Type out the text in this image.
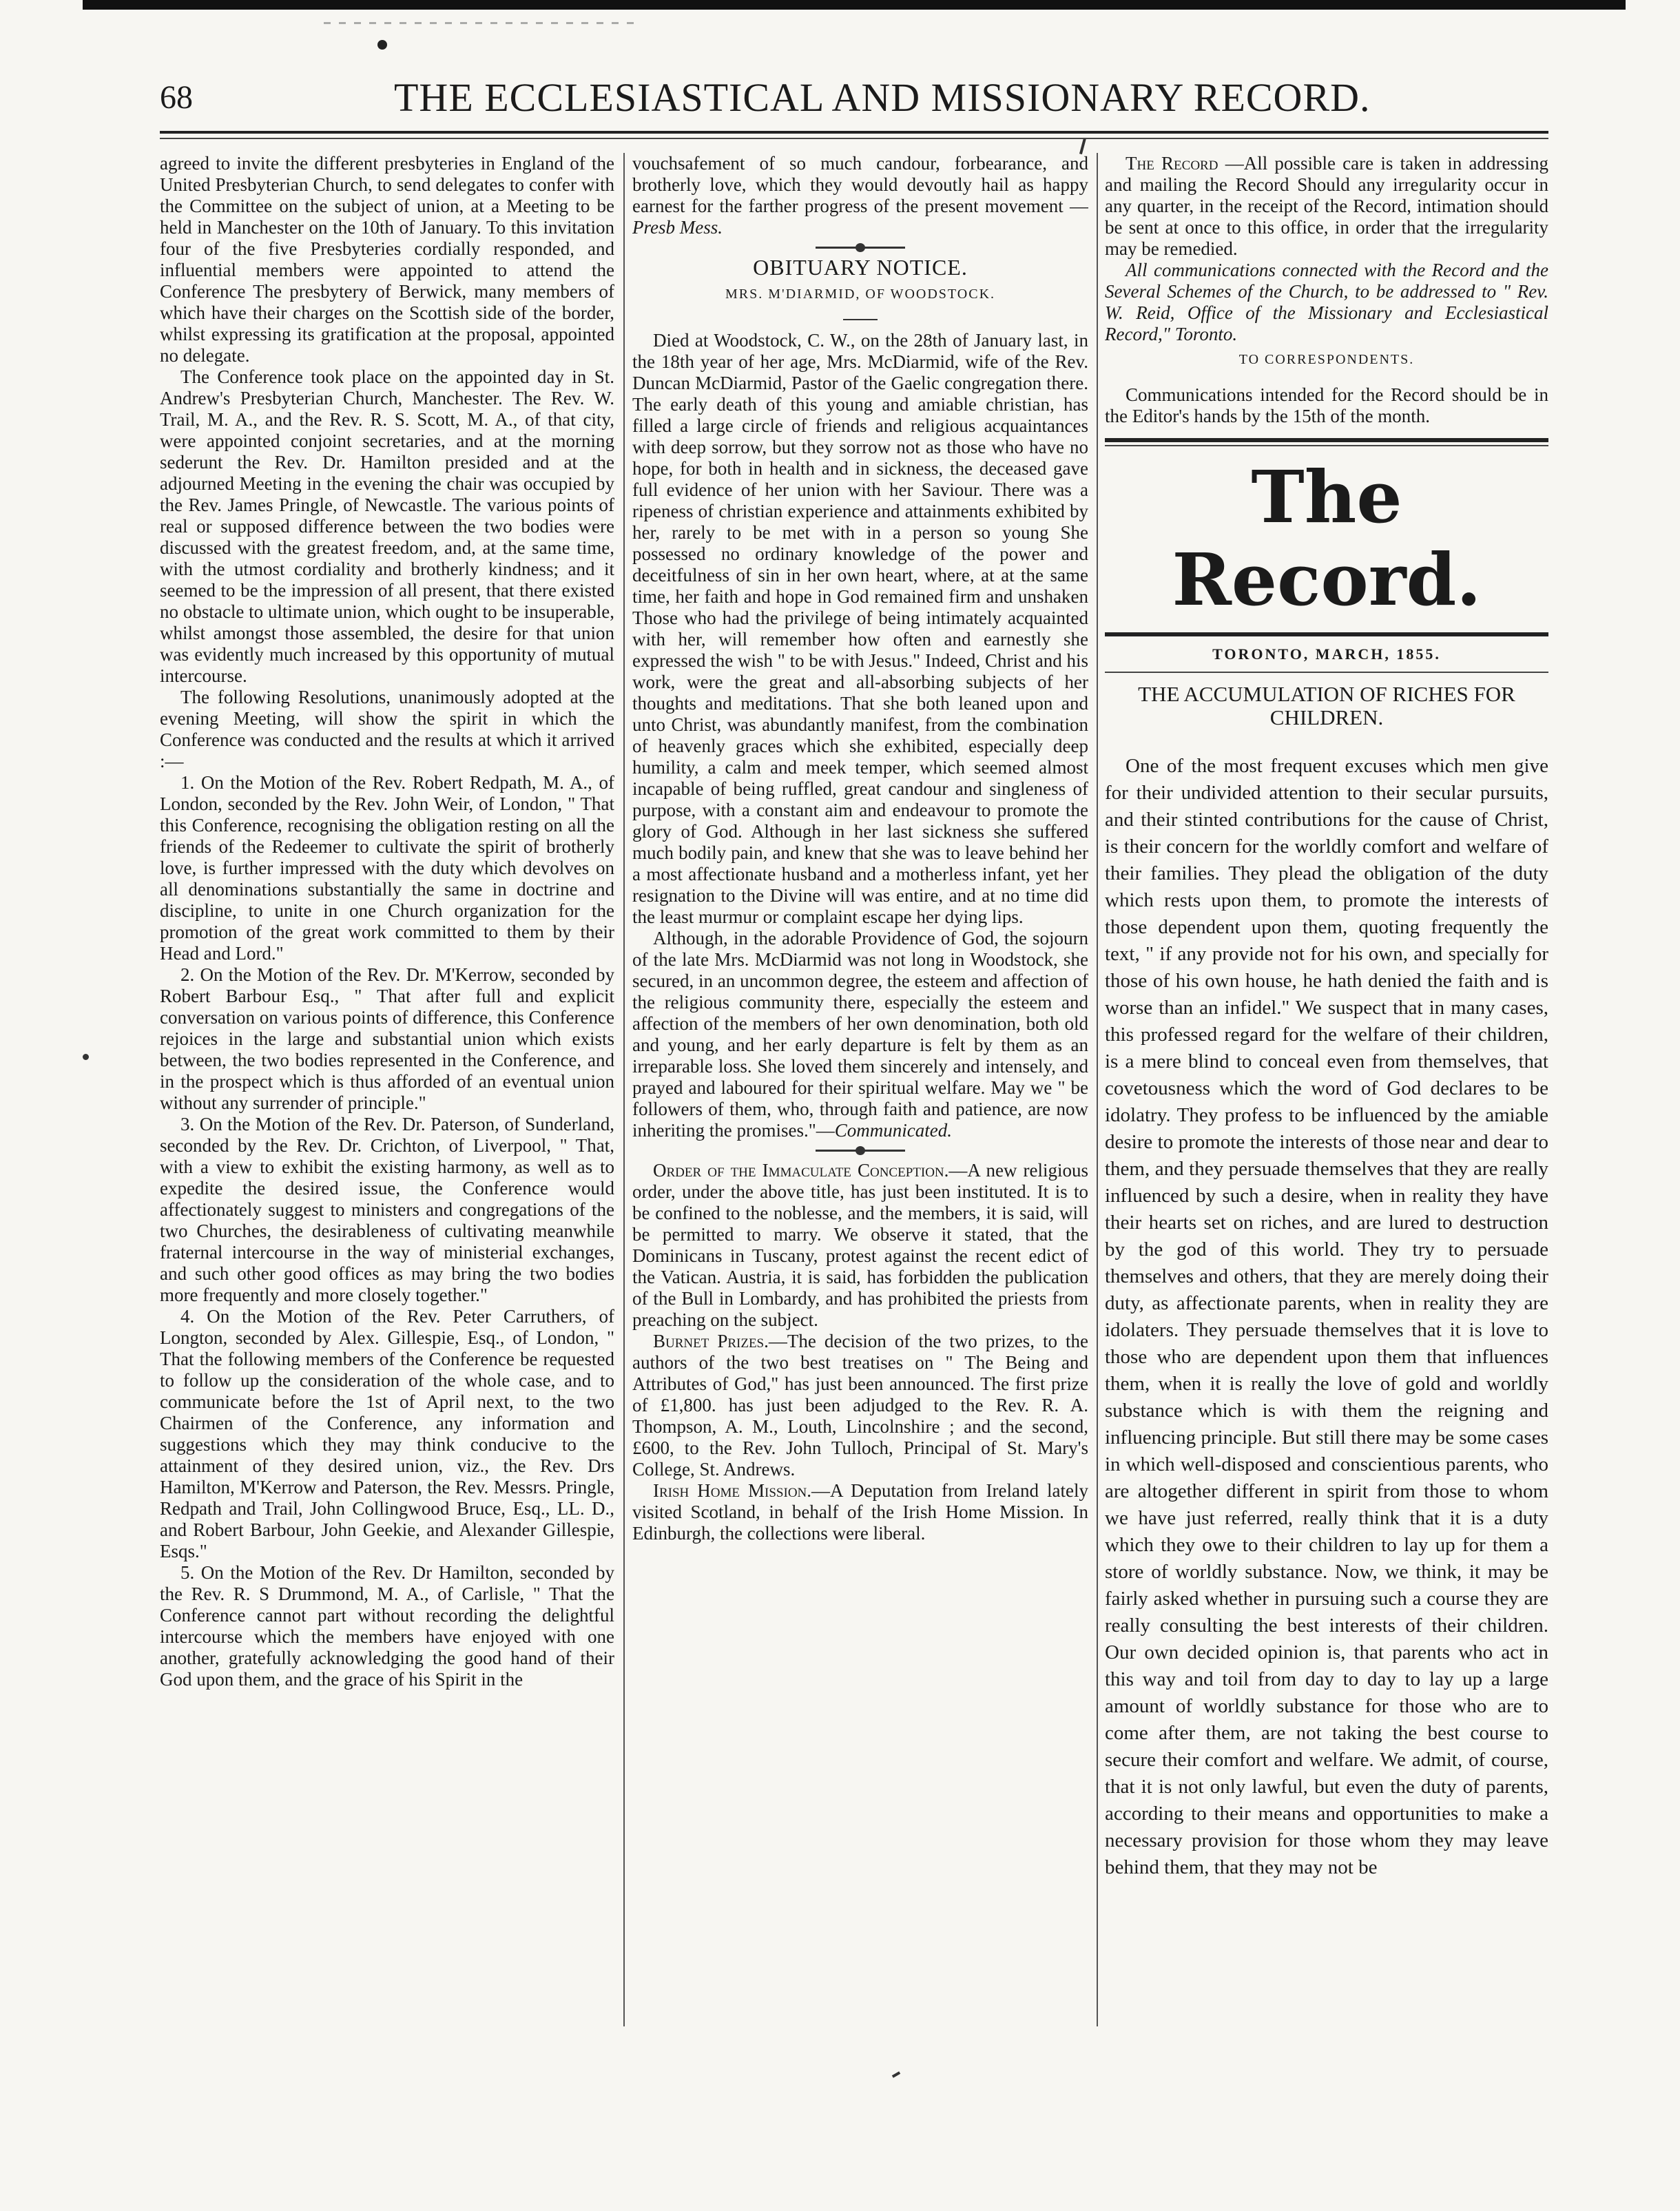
68	THE ECCLESIASTICAL AND MISSIONARY RECORD.

agreed to invite the different presbyteries in England of the United Presbyterian Church, to send delegates to confer with the Committee on the subject of union, at a Meeting to be held in Manchester on the 10th of January. To this invitation four of the five Presbyteries cordially responded, and influential members were appointed to attend the Conference The presbytery of Berwick, many members of which have their charges on the Scottish side of the border, whilst expressing its gratification at the proposal, appointed no delegate.

The Conference took place on the appointed day in St. Andrew's Presbyterian Church, Manchester. The Rev. W. Trail, M. A., and the Rev. R. S. Scott, M. A., of that city, were appointed conjoint secretaries, and at the morning sederunt the Rev. Dr. Hamilton presided and at the adjourned Meeting in the evening the chair was occupied by the Rev. James Pringle, of Newcastle. The various points of real or supposed difference between the two bodies were discussed with the greatest freedom, and, at the same time, with the utmost cordiality and brotherly kindness; and it seemed to be the impression of all present, that there existed no obstacle to ultimate union, which ought to be insuperable, whilst amongst those assembled, the desire for that union was evidently much increased by this opportunity of mutual intercourse.

The following Resolutions, unanimously adopted at the evening Meeting, will show the spirit in which the Conference was conducted and the results at which it arrived :—

1. On the Motion of the Rev. Robert Redpath, M. A., of London, seconded by the Rev. John Weir, of London, " That this Conference, recognising the obligation resting on all the friends of the Redeemer to cultivate the spirit of brotherly love, is further impressed with the duty which devolves on all denominations substantially the same in doctrine and discipline, to unite in one Church organization for the promotion of the great work committed to them by their Head and Lord."

2. On the Motion of the Rev. Dr. M'Kerrow, seconded by Robert Barbour Esq., " That after full and explicit conversation on various points of difference, this Conference rejoices in the large and substantial union which exists between, the two bodies represented in the Conference, and in the prospect which is thus afforded of an eventual union without any surrender of principle."

3. On the Motion of the Rev. Dr. Paterson, of Sunderland, seconded by the Rev. Dr. Crichton, of Liverpool, " That, with a view to exhibit the existing harmony, as well as to expedite the desired issue, the Conference would affectionately suggest to ministers and congregations of the two Churches, the desirableness of cultivating meanwhile fraternal intercourse in the way of ministerial exchanges, and such other good offices as may bring the two bodies more frequently and more closely together."

4. On the Motion of the Rev. Peter Carruthers, of Longton, seconded by Alex. Gillespie, Esq., of London, " That the following members of the Conference be requested to follow up the consideration of the whole case, and to communicate before the 1st of April next, to the two Chairmen of the Conference, any information and suggestions which they may think conducive to the attainment of they desired union, viz., the Rev. Drs Hamilton, M'Kerrow and Paterson, the Rev. Messrs. Pringle, Redpath and Trail, John Collingwood Bruce, Esq., LL. D., and Robert Barbour, John Geekie, and Alexander Gillespie, Esqs."

5. On the Motion of the Rev. Dr Hamilton, seconded by the Rev. R. S Drummond, M. A., of Carlisle, " That the Conference cannot part without recording the delightful intercourse which the members have enjoyed with one another, gratefully acknowledging the good hand of their God upon them, and the grace of his Spirit in the

vouchsafement of so much candour, forbearance, and brotherly love, which they would devoutly hail as happy earnest for the farther progress of the present movement —Presb Mess.

OBITUARY NOTICE.

MRS. M'DIARMID, OF WOODSTOCK.

Died at Woodstock, C. W., on the 28th of January last, in the 18th year of her age, Mrs. McDiarmid, wife of the Rev. Duncan McDiarmid, Pastor of the Gaelic congregation there. The early death of this young and amiable christian, has filled a large circle of friends and religious acquaintances with deep sorrow, but they sorrow not as those who have no hope, for both in health and in sickness, the deceased gave full evidence of her union with her Saviour. There was a ripeness of christian experience and attainments exhibited by her, rarely to be met with in a person so young She possessed no ordinary knowledge of the power and deceitfulness of sin in her own heart, where, at at the same time, her faith and hope in God remained firm and unshaken Those who had the privilege of being intimately acquainted with her, will remember how often and earnestly she expressed the wish " to be with Jesus." Indeed, Christ and his work, were the great and all-absorbing subjects of her thoughts and meditations. That she both leaned upon and unto Christ, was abundantly manifest, from the combination of heavenly graces which she exhibited, especially deep humility, a calm and meek temper, which seemed almost incapable of being ruffled, great candour and singleness of purpose, with a constant aim and endeavour to promote the glory of God. Although in her last sickness she suffered much bodily pain, and knew that she was to leave behind her a most affectionate husband and a motherless infant, yet her resignation to the Divine will was entire, and at no time did the least murmur or complaint escape her dying lips.

Although, in the adorable Providence of God, the sojourn of the late Mrs. McDiarmid was not long in Woodstock, she secured, in an uncommon degree, the esteem and affection of the religious community there, especially the esteem and affection of the members of her own denomination, both old and young, and her early departure is felt by them as an irreparable loss. She loved them sincerely and intensely, and prayed and laboured for their spiritual welfare. May we " be followers of them, who, through faith and patience, are now inheriting the promises."—Communicated.

Order of the Immaculate Conception.—A new religious order, under the above title, has just been instituted. It is to be confined to the noblesse, and the members, it is said, will be permitted to marry. We observe it stated, that the Dominicans in Tuscany, protest against the recent edict of the Vatican. Austria, it is said, has forbidden the publication of the Bull in Lombardy, and has prohibited the priests from preaching on the subject.

Burnet Prizes.—The decision of the two prizes, to the authors of the two best treatises on " The Being and Attributes of God," has just been announced. The first prize of £1,800. has just been adjudged to the Rev. R. A. Thompson, A. M., Louth, Lincolnshire ; and the second, £600, to the Rev. John Tulloch, Principal of St. Mary's College, St. Andrews.

Irish Home Mission.—A Deputation from Ireland lately visited Scotland, in behalf of the Irish Home Mission. In Edinburgh, the collections were liberal.

The Record —All possible care is taken in addressing and mailing the Record Should any irregularity occur in any quarter, in the receipt of the Record, intimation should be sent at once to this office, in order that the irregularity may be remedied.

All communications connected with the Record and the Several Schemes of the Church, to be addressed to " Rev. W. Reid, Office of the Missionary and Ecclesiastical Record," Toronto.

TO CORRESPONDENTS.

Communications intended for the Record should be in the Editor's hands by the 15th of the month.

The Record.
TORONTO, MARCH, 1855.
THE ACCUMULATION OF RICHES FOR CHILDREN.

One of the most frequent excuses which men give for their undivided attention to their secular pursuits, and their stinted contributions for the cause of Christ, is their concern for the worldly comfort and welfare of their families. They plead the obligation of the duty which rests upon them, to promote the interests of those dependent upon them, quoting frequently the text, " if any provide not for his own, and specially for those of his own house, he hath denied the faith and is worse than an infidel." We suspect that in many cases, this professed regard for the welfare of their children, is a mere blind to conceal even from themselves, that covetousness which the word of God declares to be idolatry. They profess to be influenced by the amiable desire to promote the interests of those near and dear to them, and they persuade themselves that they are really influenced by such a desire, when in reality they have their hearts set on riches, and are lured to destruction by the god of this world. They try to persuade themselves and others, that they are merely doing their duty, as affectionate parents, when in reality they are idolaters. They persuade themselves that it is love to those who are dependent upon them that influences them, when it is really the love of gold and worldly substance which is with them the reigning and influencing principle. But still there may be some cases in which well-disposed and conscientious parents, who are altogether different in spirit from those to whom we have just referred, really think that it is a duty which they owe to their children to lay up for them a store of worldly substance. Now, we think, it may be fairly asked whether in pursuing such a course they are really consulting the best interests of their children. Our own decided opinion is, that parents who act in this way and toil from day to day to lay up a large amount of worldly substance for those who are to come after them, are not taking the best course to secure their comfort and welfare. We admit, of course, that it is not only lawful, but even the duty of parents, according to their means and opportunities to make a necessary provision for those whom they may leave behind them, that they may not be
